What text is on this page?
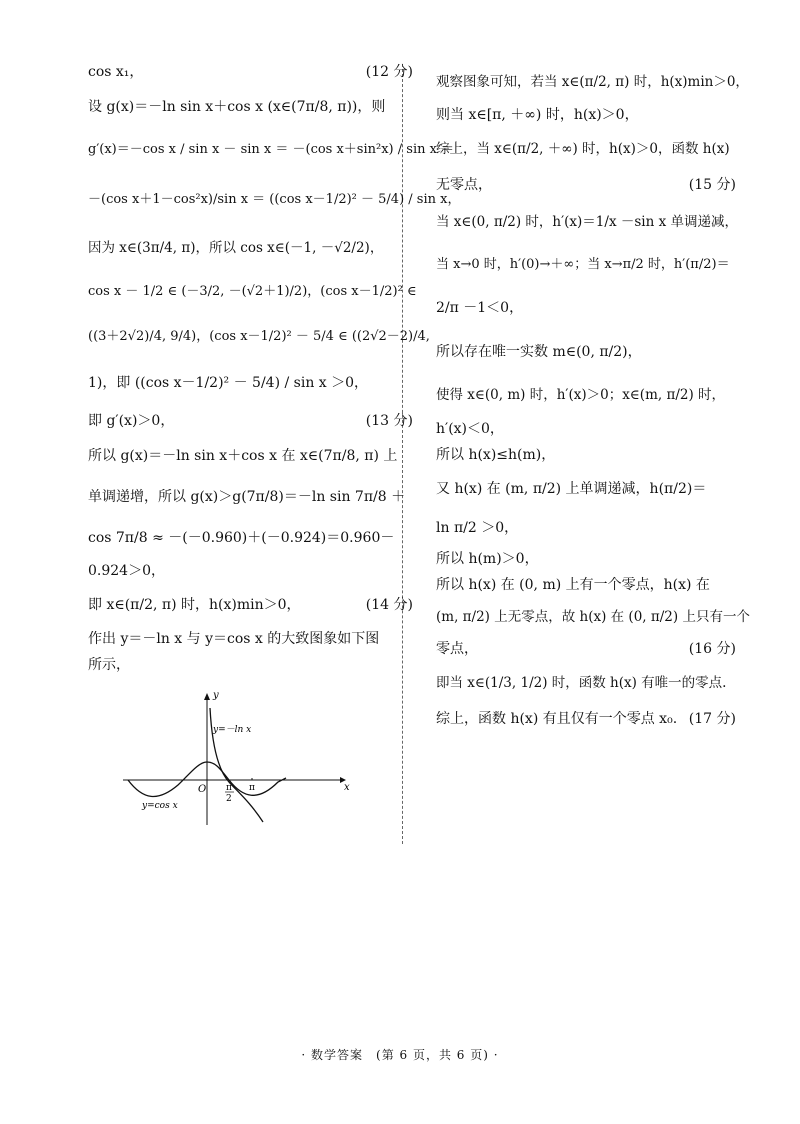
cos x₁，	(12 分)
设 g(x)＝－ln sin x＋cos x (x∈(7π/8, π))，则
g′(x)＝－cos x / sin x － sin x ＝ －(cos x＋sin²x) / sin x ＝
－(cos x＋1－cos²x)/sin x ＝ ((cos x－1/2)² － 5/4) / sin x，
因为 x∈(3π/4, π)，所以 cos x∈(－1, －√2/2)，
cos x － 1/2 ∈ (－3/2, －(√2＋1)/2)，(cos x－1/2)² ∈
((3＋2√2)/4, 9/4)，(cos x－1/2)² － 5/4 ∈ ((2√2－2)/4,
1)，即 ((cos x－1/2)² － 5/4) / sin x ＞0，
即 g′(x)＞0，	(13 分)
所以 g(x)＝－ln sin x＋cos x 在 x∈(7π/8, π) 上
单调递增，所以 g(x)＞g(7π/8)＝－ln sin 7π/8 ＋
cos 7π/8 ≈ －(－0.960)＋(－0.924)＝0.960－
0.924＞0，
即 x∈(π/2, π) 时，h(x)min＞0，	(14 分)
作出 y＝－ln x 与 y＝cos x 的大致图象如下图
所示，
y
x
O
y=－ln x
y=cos x
π
2
π
观察图象可知，若当 x∈(π/2, π) 时，h(x)min＞0，
则当 x∈[π, ＋∞) 时，h(x)＞0，
综上，当 x∈(π/2, ＋∞) 时，h(x)＞0，函数 h(x)
无零点，	(15 分)
当 x∈(0, π/2) 时，h′(x)＝1/x －sin x 单调递减，
当 x→0 时，h′(0)→＋∞；当 x→π/2 时，h′(π/2)＝
2/π －1＜0，
所以存在唯一实数 m∈(0, π/2)，
使得 x∈(0, m) 时，h′(x)＞0；x∈(m, π/2) 时，
h′(x)＜0，
所以 h(x)≤h(m)，
又 h(x) 在 (m, π/2) 上单调递减，h(π/2)＝
ln π/2 ＞0，
所以 h(m)＞0，
所以 h(x) 在 (0, m) 上有一个零点，h(x) 在
(m, π/2) 上无零点，故 h(x) 在 (0, π/2) 上只有一个
零点，	(16 分)
即当 x∈(1/3, 1/2) 时，函数 h(x) 有唯一的零点.
综上，函数 h(x) 有且仅有一个零点 x₀. (17 分)
· 数学答案　(第 6 页，共 6 页) ·
